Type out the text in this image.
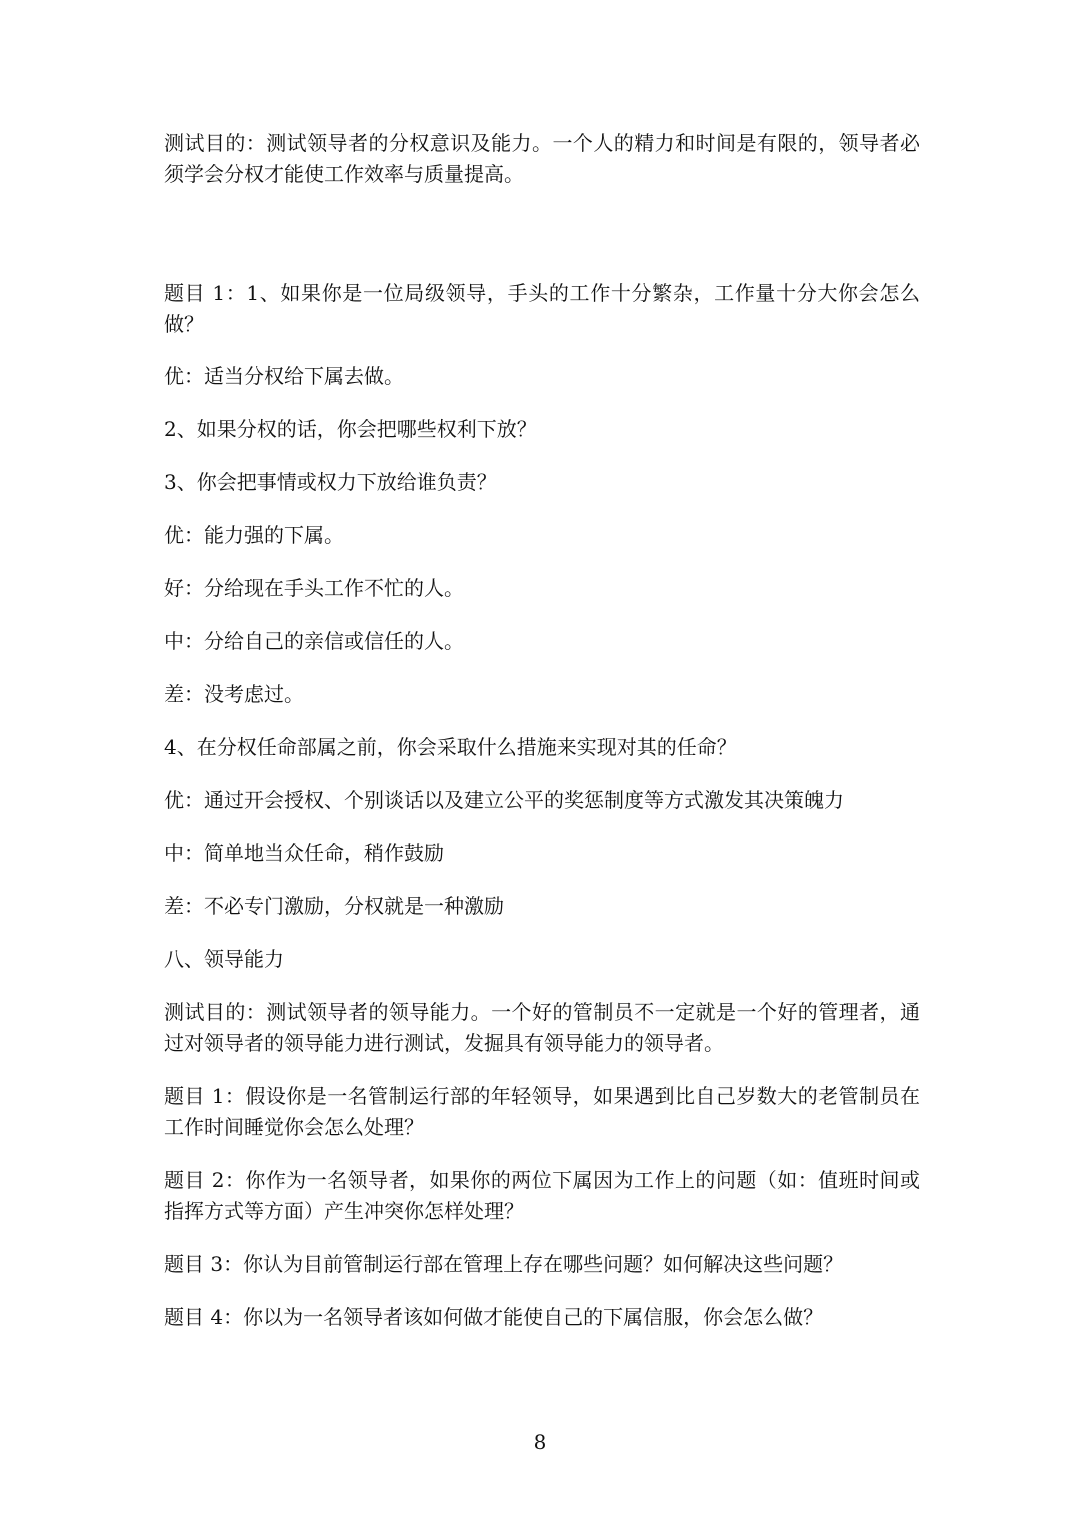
测试目的：测试领导者的分权意识及能力。一个人的精力和时间是有限的，领导者必须学会分权才能使工作效率与质量提高。

题目 1：1、如果你是一位局级领导，手头的工作十分繁杂，工作量十分大你会怎么做？

优：适当分权给下属去做。

2、如果分权的话，你会把哪些权利下放？

3、你会把事情或权力下放给谁负责？

优：能力强的下属。

好：分给现在手头工作不忙的人。

中：分给自己的亲信或信任的人。

差：没考虑过。

4、在分权任命部属之前，你会采取什么措施来实现对其的任命？

优：通过开会授权、个别谈话以及建立公平的奖惩制度等方式激发其决策魄力

中：简单地当众任命，稍作鼓励

差：不必专门激励，分权就是一种激励

八、领导能力

测试目的：测试领导者的领导能力。一个好的管制员不一定就是一个好的管理者，通过对领导者的领导能力进行测试，发掘具有领导能力的领导者。

题目 1：假设你是一名管制运行部的年轻领导，如果遇到比自己岁数大的老管制员在工作时间睡觉你会怎么处理？

题目 2：你作为一名领导者，如果你的两位下属因为工作上的问题（如：值班时间或指挥方式等方面）产生冲突你怎样处理？

题目 3：你认为目前管制运行部在管理上存在哪些问题？如何解决这些问题？

题目 4：你以为一名领导者该如何做才能使自己的下属信服，你会怎么做？

8
